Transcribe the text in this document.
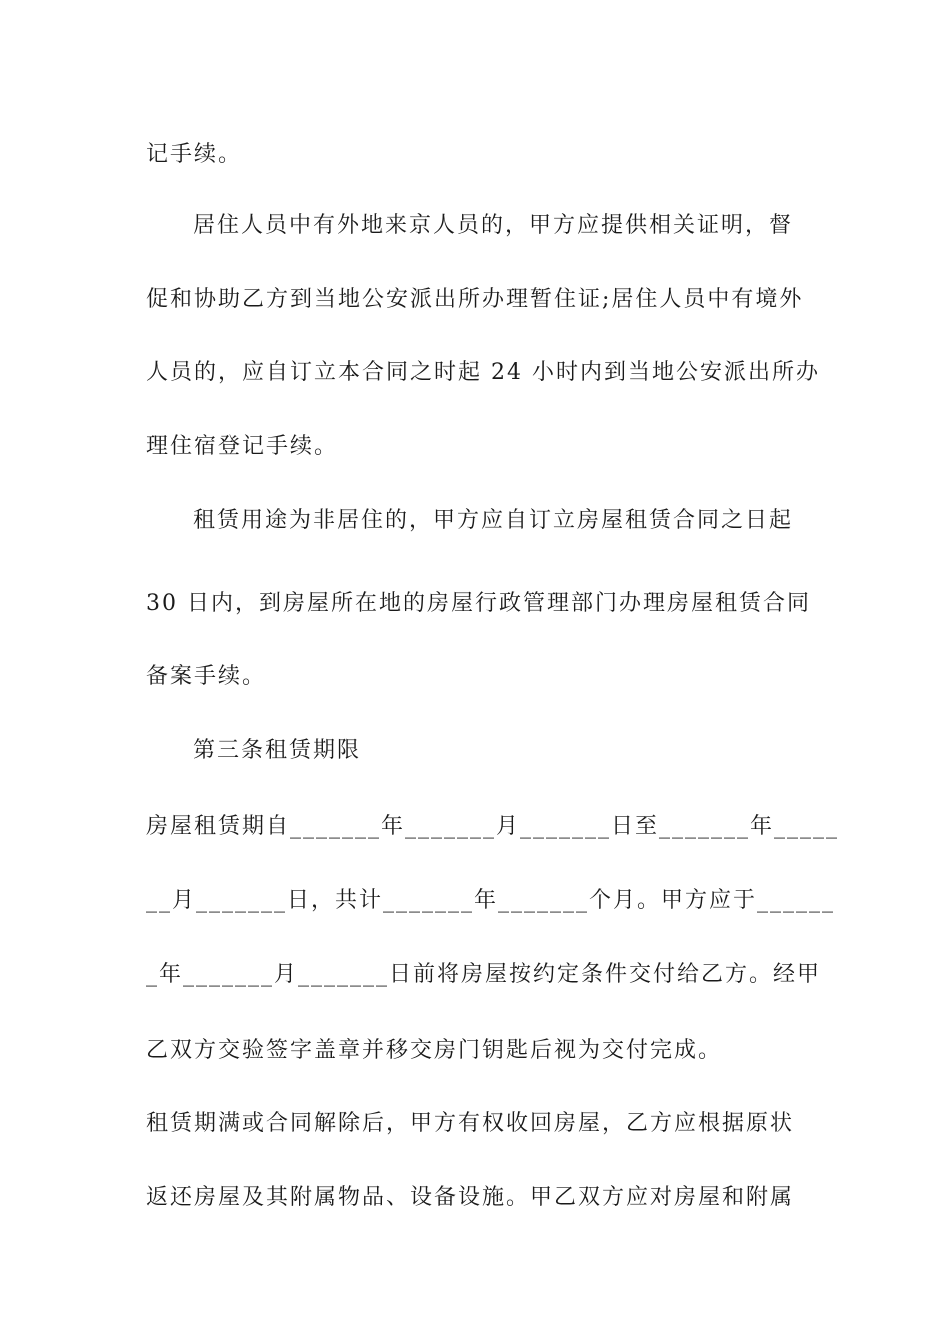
记手续。
居住人员中有外地来京人员的，甲方应提供相关证明，督
促和协助乙方到当地公安派出所办理暂住证;居住人员中有境外
人员的，应自订立本合同之时起 24 小时内到当地公安派出所办
理住宿登记手续。
租赁用途为非居住的，甲方应自订立房屋租赁合同之日起
30 日内，到房屋所在地的房屋行政管理部门办理房屋租赁合同
备案手续。
第三条租赁期限
房屋租赁期自_______年_______月_______日至_______年_____
__月_______日，共计_______年_______个月。甲方应于______
_年_______月_______日前将房屋按约定条件交付给乙方。经甲
乙双方交验签字盖章并移交房门钥匙后视为交付完成。
租赁期满或合同解除后，甲方有权收回房屋，乙方应根据原状
返还房屋及其附属物品、设备设施。甲乙双方应对房屋和附属
